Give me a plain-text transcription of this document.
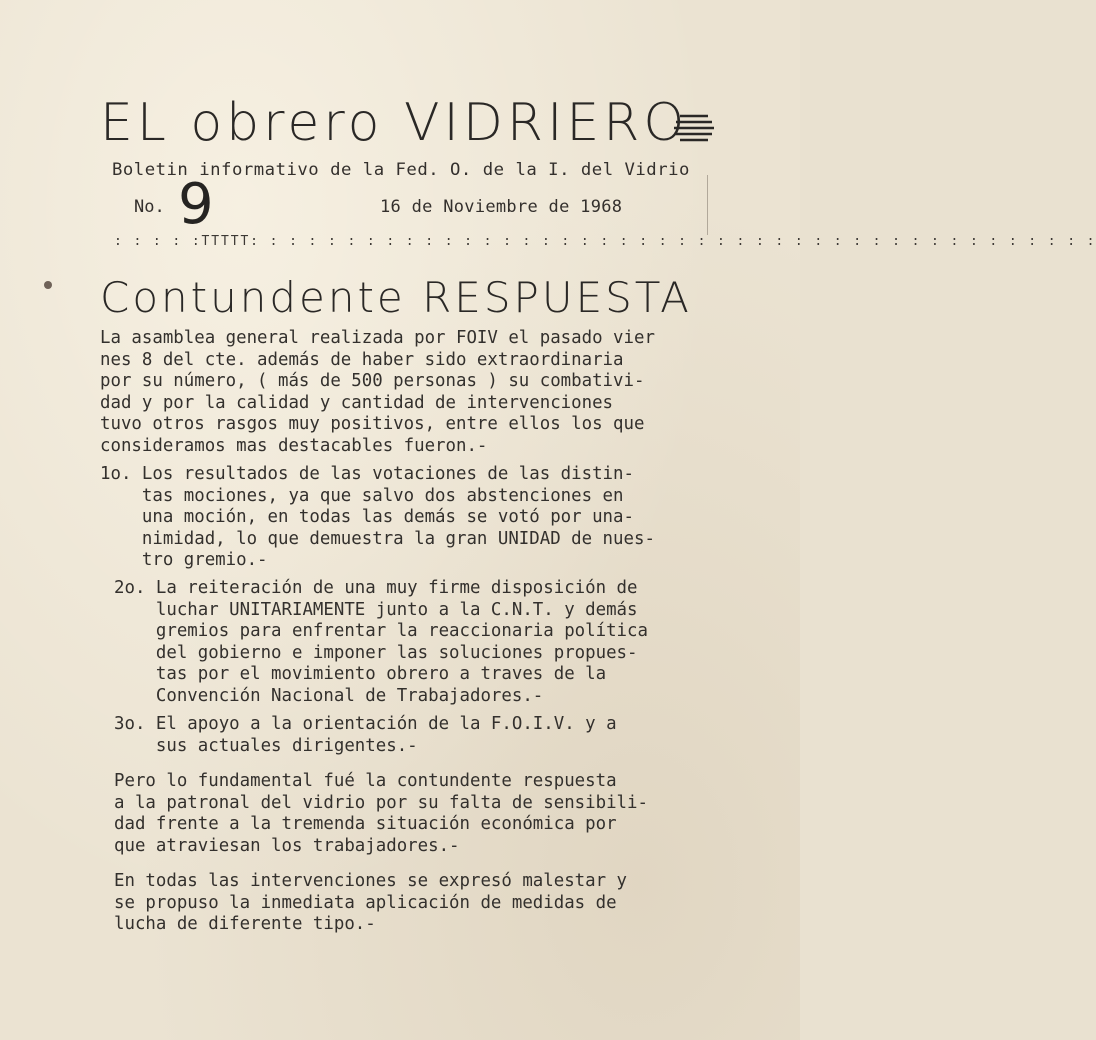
EL obrero VIDRIERO
Boletin informativo de la Fed. O. de la I. del Vidrio
No. 9	16 de Noviembre de 1968
: : : : :TTTTT: : : : : : : : : : : : : : : : : : : : : : : : : : : : : : : : : : : : : : : : : : : :
Contundente RESPUESTA

La asamblea general realizada por FOIV el pasado vier
nes 8 del cte. además de haber sido extraordinaria
por su número, ( más de 500 personas ) su combativi-
dad y por la calidad y cantidad de intervenciones
tuvo otros rasgos muy positivos, entre ellos los que
consideramos mas destacables fueron.-

1o. Los resultados de las votaciones de las distin-
tas mociones, ya que salvo dos abstenciones en
una moción, en todas las demás se votó por una-
nimidad, lo que demuestra la gran UNIDAD de nues-
tro gremio.-

2o. La reiteración de una muy firme disposición de
luchar UNITARIAMENTE junto a la C.N.T. y demás
gremios para enfrentar la reaccionaria política
del gobierno e imponer las soluciones propues-
tas por el movimiento obrero a traves de la
Convención Nacional de Trabajadores.-

3o. El apoyo a la orientación de la F.O.I.V. y a
sus actuales dirigentes.-

Pero lo fundamental fué la contundente respuesta
a la patronal del vidrio por su falta de sensibili-
dad frente a la tremenda situación económica por
que atraviesan los trabajadores.-

En todas las intervenciones se expresó malestar y
se propuso la inmediata aplicación de medidas de
lucha de diferente tipo.-
